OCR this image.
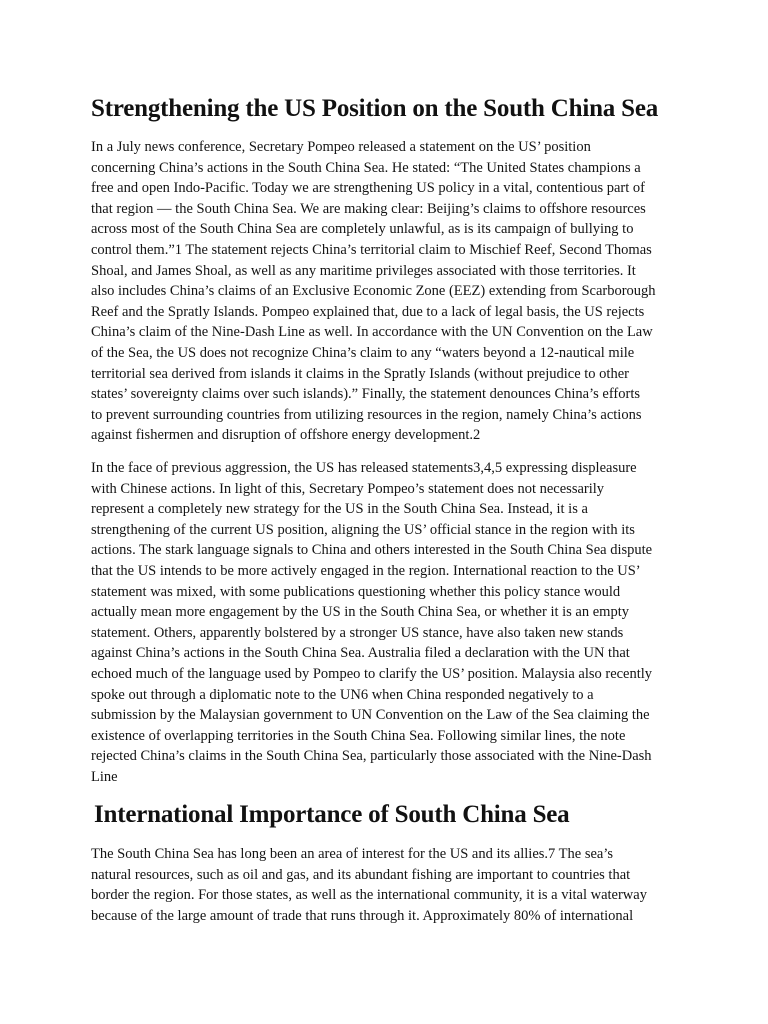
Strengthening the US Position on the South China Sea

In a July news conference, Secretary Pompeo released a statement on the US’ position
concerning China’s actions in the South China Sea. He stated: “The United States champions a
free and open Indo-Pacific. Today we are strengthening US policy in a vital, contentious part of
that region — the South China Sea. We are making clear: Beijing’s claims to offshore resources
across most of the South China Sea are completely unlawful, as is its campaign of bullying to
control them.”1 The statement rejects China’s territorial claim to Mischief Reef, Second Thomas
Shoal, and James Shoal, as well as any maritime privileges associated with those territories. It
also includes China’s claims of an Exclusive Economic Zone (EEZ) extending from Scarborough
Reef and the Spratly Islands. Pompeo explained that, due to a lack of legal basis, the US rejects
China’s claim of the Nine-Dash Line as well. In accordance with the UN Convention on the Law
of the Sea, the US does not recognize China’s claim to any “waters beyond a 12-nautical mile
territorial sea derived from islands it claims in the Spratly Islands (without prejudice to other
states’ sovereignty claims over such islands).” Finally, the statement denounces China’s efforts
to prevent surrounding countries from utilizing resources in the region, namely China’s actions
against fishermen and disruption of offshore energy development.2

In the face of previous aggression, the US has released statements3,4,5 expressing displeasure
with Chinese actions. In light of this, Secretary Pompeo’s statement does not necessarily
represent a completely new strategy for the US in the South China Sea. Instead, it is a
strengthening of the current US position, aligning the US’ official stance in the region with its
actions. The stark language signals to China and others interested in the South China Sea dispute
that the US intends to be more actively engaged in the region. International reaction to the US’
statement was mixed, with some publications questioning whether this policy stance would
actually mean more engagement by the US in the South China Sea, or whether it is an empty
statement. Others, apparently bolstered by a stronger US stance, have also taken new stands
against China’s actions in the South China Sea. Australia filed a declaration with the UN that
echoed much of the language used by Pompeo to clarify the US’ position. Malaysia also recently
spoke out through a diplomatic note to the UN6 when China responded negatively to a
submission by the Malaysian government to UN Convention on the Law of the Sea claiming the
existence of overlapping territories in the South China Sea. Following similar lines, the note
rejected China’s claims in the South China Sea, particularly those associated with the Nine-Dash
Line

International Importance of South China Sea

The South China Sea has long been an area of interest for the US and its allies.7 The sea’s
natural resources, such as oil and gas, and its abundant fishing are important to countries that
border the region. For those states, as well as the international community, it is a vital waterway
because of the large amount of trade that runs through it. Approximately 80% of international
